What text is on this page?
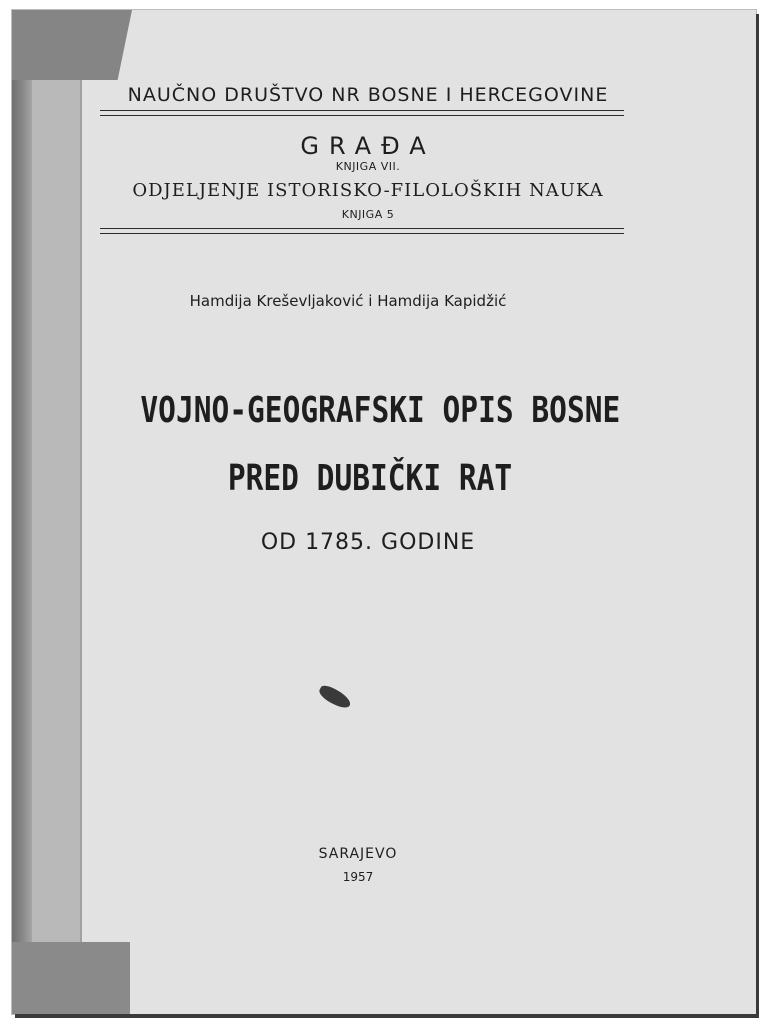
NAUČNO DRUŠTVO NR BOSNE I HERCEGOVINE
GRAĐA
KNJIGA VII.
ODJELJENJE ISTORISKO-FILOLOŠKIH NAUKA
KNJIGA 5
Hamdija Kreševljaković i Hamdija Kapidžić
VOJNO-GEOGRAFSKI OPIS BOSNE
PRED DUBIČKI RAT
OD 1785. GODINE
SARAJEVO
1957
